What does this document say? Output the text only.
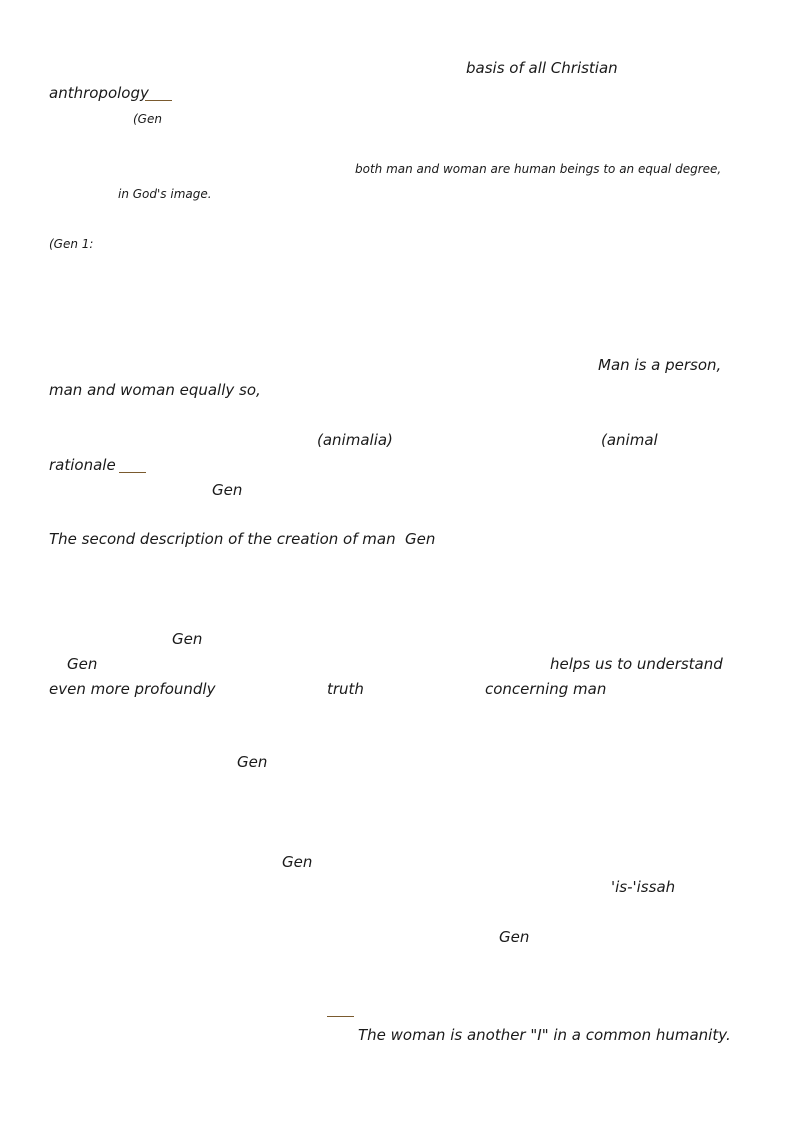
basis of all Christian
anthropology
(Gen
both man and woman are human beings to an equal degree,
in God's image.
(Gen 1:
Man is a person,
man and woman equally so,
(animalia)	(animal
rationale
Gen
The second description of the creation of man Gen
Gen
Gen	helps us to understand
even more profoundly	truth	concerning man
Gen
Gen
'is-'issah
Gen
The woman is another "I" in a common humanity.
